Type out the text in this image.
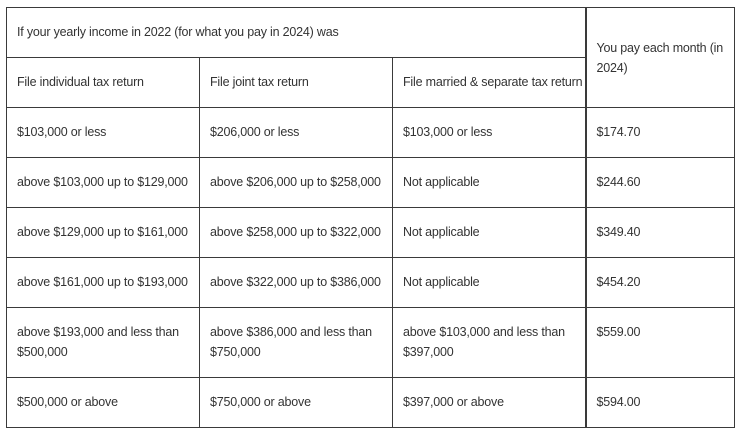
If your yearly income in 2022 (for what you pay in 2024) was			You pay each month (in 2024)
File individual tax return	File joint tax return	File married & separate tax return	
$103,000 or less	$206,000 or less	$103,000 or less	$174.70
above $103,000 up to $129,000	above $206,000 up to $258,000	Not applicable	$244.60
above $129,000 up to $161,000	above $258,000 up to $322,000	Not applicable	$349.40
above $161,000 up to $193,000	above $322,000 up to $386,000	Not applicable	$454.20
above $193,000 and less than $500,000	above $386,000 and less than $750,000	above $103,000 and less than $397,000	$559.00
$500,000 or above	$750,000 or above	$397,000 or above	$594.00
